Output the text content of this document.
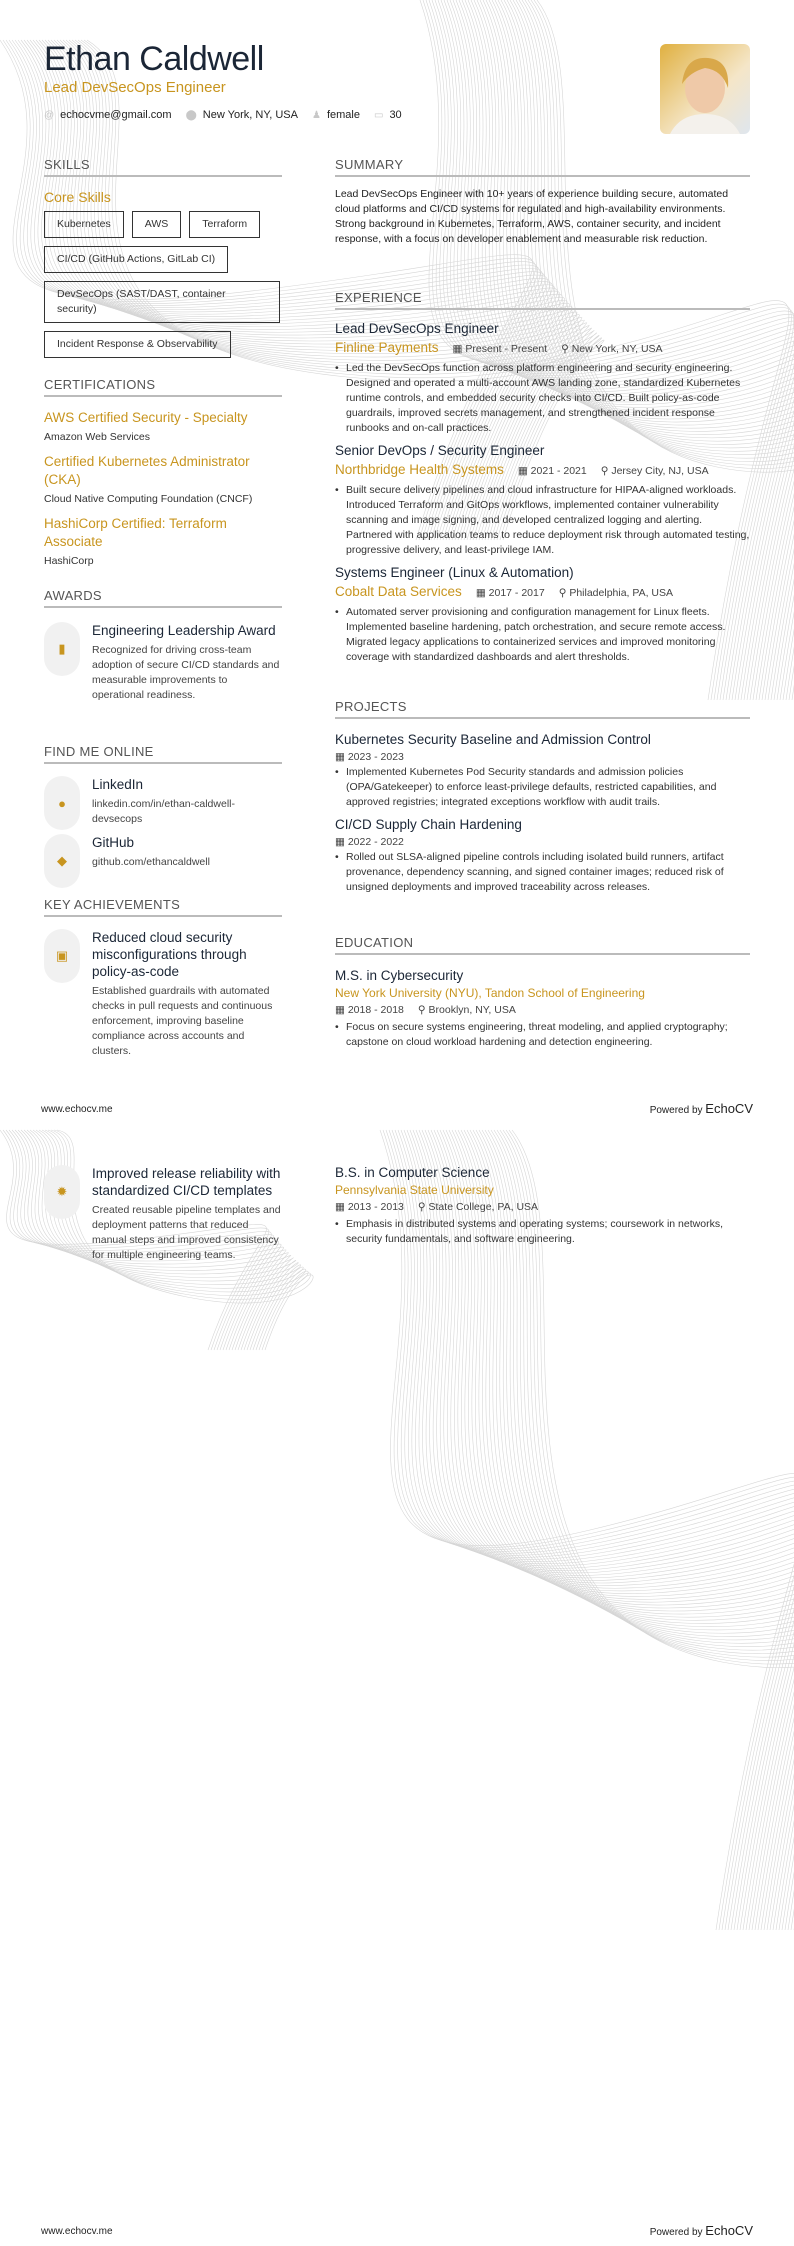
Ethan Caldwell
Lead DevSecOps Engineer
@ echocvme@gmail.com ⬤ New York, NY, USA ♟ female ▭ 30
SKILLS
Core Skills
Kubernetes	AWS	Terraform
CI/CD (GitHub Actions, GitLab CI)
DevSecOps (SAST/DAST, container security)
Incident Response & Observability
CERTIFICATIONS
AWS Certified Security - Specialty
Amazon Web Services
Certified Kubernetes Administrator (CKA)
Cloud Native Computing Foundation (CNCF)
HashiCorp Certified: Terraform Associate
HashiCorp
AWARDS
▮
Engineering Leadership Award
Recognized for driving cross-team adoption of secure CI/CD standards and measurable improvements to operational readiness.
FIND ME ONLINE
●
LinkedIn
linkedin.com/in/ethan-caldwell-devsecops
◆
GitHub
github.com/ethancaldwell
KEY ACHIEVEMENTS
▣
Reduced cloud security misconfigurations through policy-as-code
Established guardrails with automated checks in pull requests and continuous enforcement, improving baseline compliance across accounts and clusters.
SUMMARY
Lead DevSecOps Engineer with 10+ years of experience building secure, automated cloud platforms and CI/CD systems for regulated and high-availability environments. Strong background in Kubernetes, Terraform, AWS, container security, and incident response, with a focus on developer enablement and measurable risk reduction.
EXPERIENCE
Lead DevSecOps Engineer
Finline Payments ▦ Present - Present ⚲ New York, NY, USA
• Led the DevSecOps function across platform engineering and security engineering. Designed and operated a multi-account AWS landing zone, standardized Kubernetes runtime controls, and embedded security checks into CI/CD. Built policy-as-code guardrails, improved secrets management, and strengthened incident response runbooks and on-call practices.
Senior DevOps / Security Engineer
Northbridge Health Systems ▦ 2021 - 2021 ⚲ Jersey City, NJ, USA
• Built secure delivery pipelines and cloud infrastructure for HIPAA-aligned workloads. Introduced Terraform and GitOps workflows, implemented container vulnerability scanning and image signing, and developed centralized logging and alerting. Partnered with application teams to reduce deployment risk through automated testing, progressive delivery, and least-privilege IAM.
Systems Engineer (Linux & Automation)
Cobalt Data Services ▦ 2017 - 2017 ⚲ Philadelphia, PA, USA
• Automated server provisioning and configuration management for Linux fleets. Implemented baseline hardening, patch orchestration, and secure remote access. Migrated legacy applications to containerized services and improved monitoring coverage with standardized dashboards and alert thresholds.
PROJECTS
Kubernetes Security Baseline and Admission Control
▦ 2023 - 2023
• Implemented Kubernetes Pod Security standards and admission policies (OPA/Gatekeeper) to enforce least-privilege defaults, restricted capabilities, and approved registries; integrated exceptions workflow with audit trails.
CI/CD Supply Chain Hardening
▦ 2022 - 2022
• Rolled out SLSA-aligned pipeline controls including isolated build runners, artifact provenance, dependency scanning, and signed container images; reduced risk of unsigned deployments and improved traceability across releases.
EDUCATION
M.S. in Cybersecurity
New York University (NYU), Tandon School of Engineering
▦ 2018 - 2018 ⚲ Brooklyn, NY, USA
• Focus on secure systems engineering, threat modeling, and applied cryptography; capstone on cloud workload hardening and detection engineering.
www.echocv.me	Powered by EchoCV
✹
Improved release reliability with standardized CI/CD templates
Created reusable pipeline templates and deployment patterns that reduced manual steps and improved consistency for multiple engineering teams.
B.S. in Computer Science
Pennsylvania State University
▦ 2013 - 2013 ⚲ State College, PA, USA
• Emphasis in distributed systems and operating systems; coursework in networks, security fundamentals, and software engineering.
www.echocv.me	Powered by EchoCV
